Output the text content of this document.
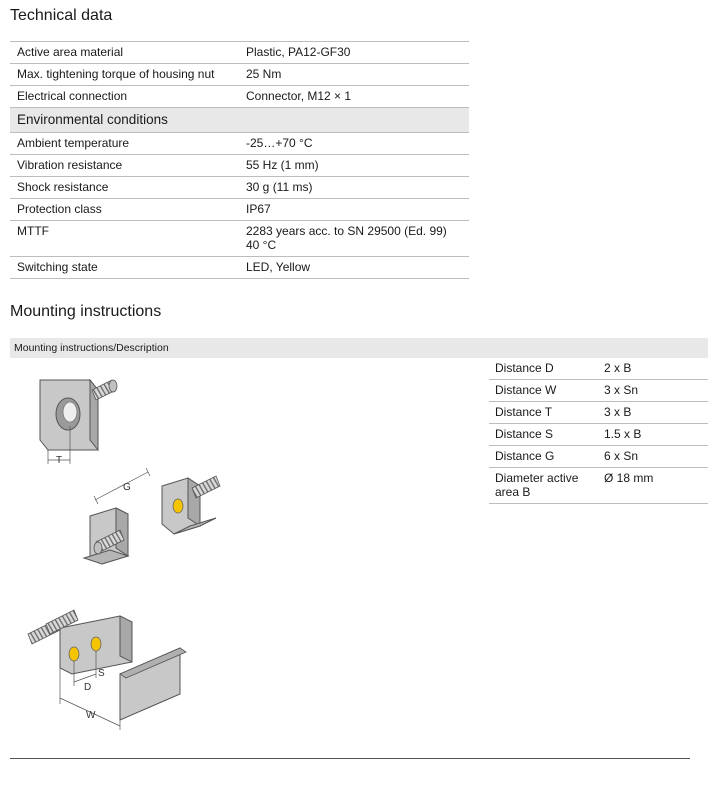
Technical data
Active area material	Plastic, PA12-GF30
Max. tightening torque of housing nut	25 Nm
Electrical connection	Connector, M12 × 1
Environmental conditions	
Ambient temperature	-25…+70 °C
Vibration resistance	55 Hz (1 mm)
Shock resistance	30 g (11 ms)
Protection class	IP67
MTTF	2283 years acc. to SN 29500 (Ed. 99) 40 °C
Switching state	LED, Yellow
Mounting instructions
Mounting instructions/Description
Distance D	2 x B
Distance W	3 x Sn
Distance T	3 x B
Distance S	1.5 x B
Distance G	6 x Sn
Diameter active area B	Ø 18 mm
T
G
S
D
W
